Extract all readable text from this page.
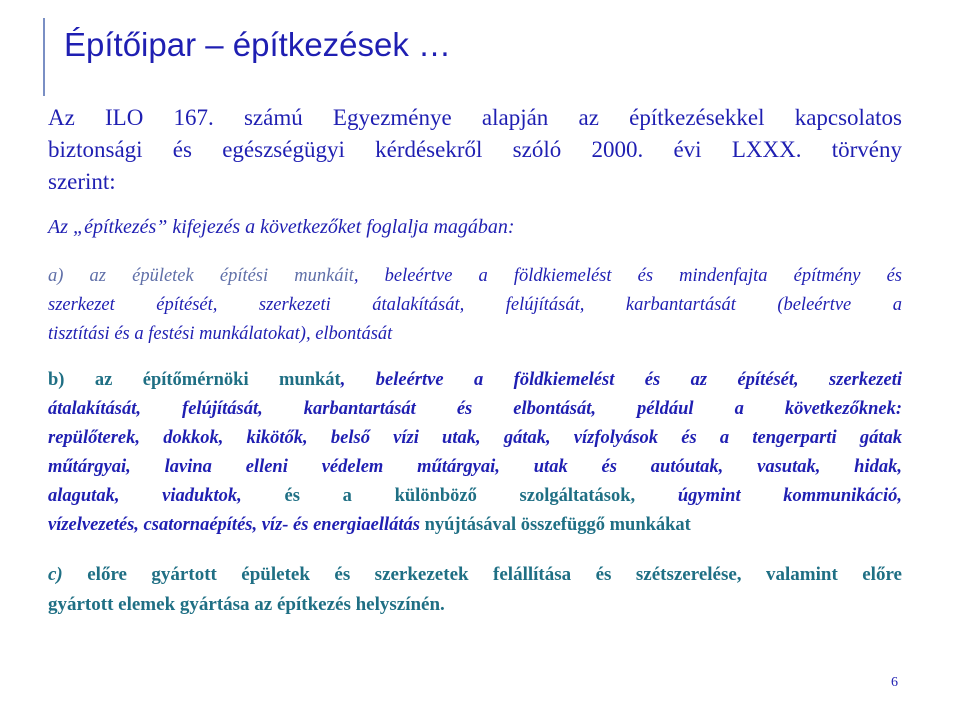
Építőipar – építkezések …
Az ILO 167. számú Egyezménye alapján az építkezésekkel kapcsolatos
biztonsági és egészségügyi kérdésekről szóló 2000. évi LXXX. törvény
szerint:
Az „építkezés” kifejezés a következőket foglalja magában:
a) az épületek építési munkáit, beleértve a földkiemelést és mindenfajta építmény és
szerkezet építését, szerkezeti átalakítását, felújítását, karbantartását (beleértve a
tisztítási és a festési munkálatokat), elbontását
b) az építőmérnöki munkát, beleértve a földkiemelést és az építését, szerkezeti
átalakítását, felújítását, karbantartását és elbontását, például a következőknek:
repülőterek, dokkok, kikötők, belső vízi utak, gátak, vízfolyások és a tengerparti gátak
műtárgyai, lavina elleni védelem műtárgyai, utak és autóutak, vasutak, hidak,
alagutak, viaduktok, és a különböző szolgáltatások, úgymint kommunikáció,
vízelvezetés, csatornaépítés, víz- és energiaellátás nyújtásával összefüggő munkákat
c) előre gyártott épületek és szerkezetek felállítása és szétszerelése, valamint előre
gyártott elemek gyártása az építkezés helyszínén.
6
